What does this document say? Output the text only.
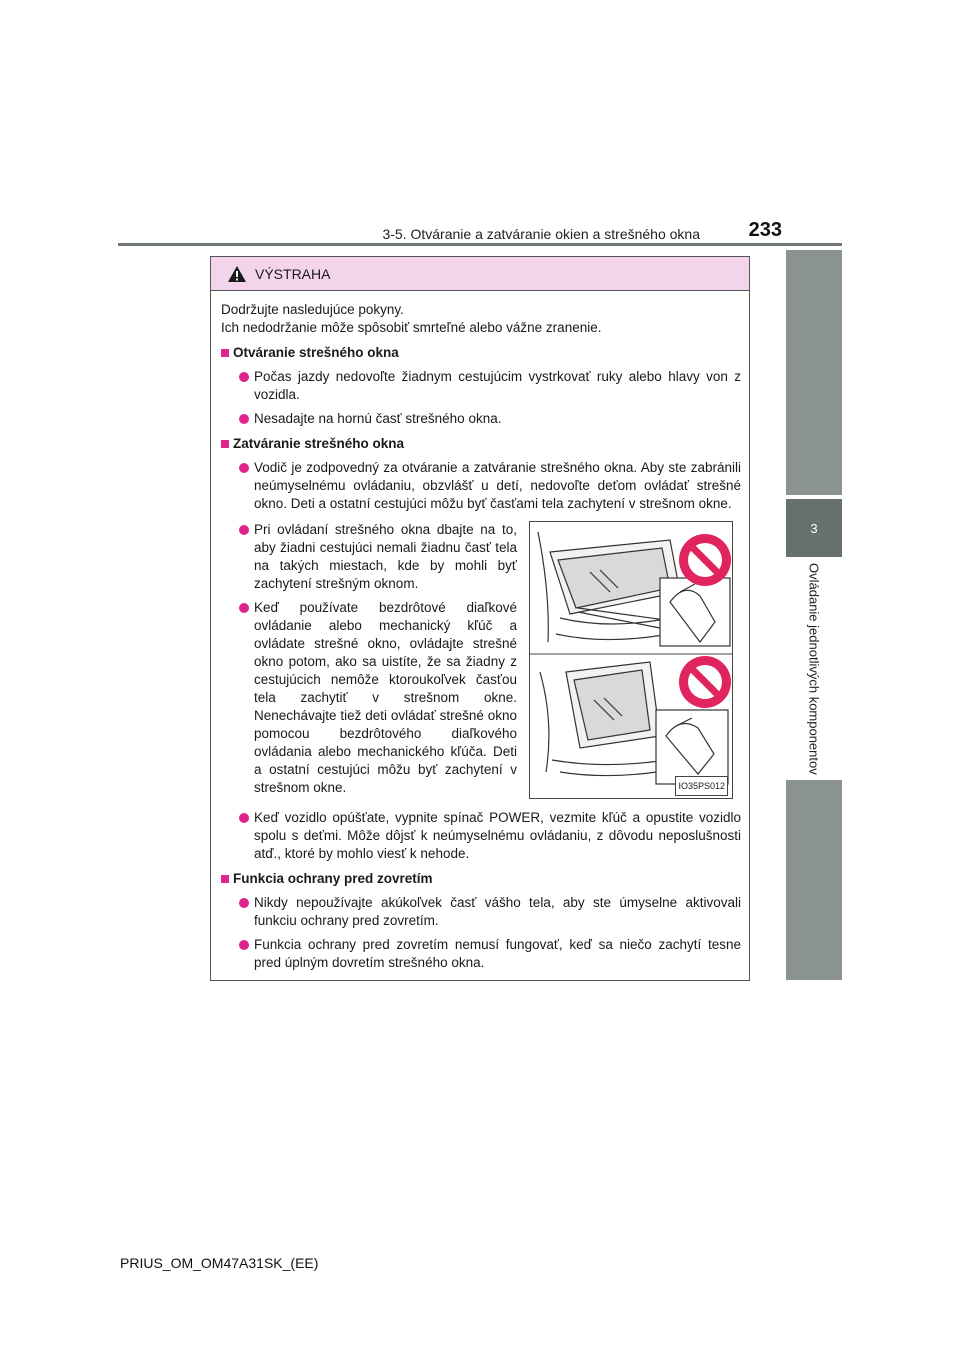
3-5. Otváranie a zatváranie okien a strešného okna	233
3
Ovládanie jednotlivých komponentov
VÝSTRAHA

Dodržujte nasledujúce pokyny.

Ich nedodržanie môže spôsobiť smrteľné alebo vážne zranenie.

Otváranie strešného okna
Počas jazdy nedovoľte žiadnym cestujúcim vystrkovať ruky alebo hlavy von z vozidla.
Nesadajte na hornú časť strešného okna.
Zatváranie strešného okna
Vodič je zodpovedný za otváranie a zatváranie strešného okna. Aby ste zabránili neúmyselnému ovládaniu, obzvlášť u detí, nedovoľte deťom ovládať strešné okno. Deti a ostatní cestujúci môžu byť časťami tela zachytení v strešnom okne.
Pri ovládaní strešného okna dbajte na to, aby žiadni cestujúci nemali žiadnu časť tela na takých miestach, kde by mohli byť zachytení strešným oknom.
Keď používate bezdrôtové diaľkové ovládanie alebo mechanický kľúč a ovládate strešné okno, ovládajte strešné okno potom, ako sa uistíte, že sa žiadny z cestujúcich nemôže ktoroukoľvek časťou tela zachytiť v strešnom okne. Nenechávajte tiež deti ovládať strešné okno pomocou bezdrôtového diaľkového ovládania alebo mechanického kľúča. Deti a ostatní cestujúci môžu byť zachytení v strešnom okne.	IO35PS012
Keď vozidlo opúšťate, vypnite spínač POWER, vezmite kľúč a opustite vozidlo spolu s deťmi. Môže dôjsť k neúmyselnému ovládaniu, z dôvodu neposlušnosti atď., ktoré by mohlo viesť k nehode.
Funkcia ochrany pred zovretím
Nikdy nepoužívajte akúkoľvek časť vášho tela, aby ste úmyselne aktivovali funkciu ochrany pred zovretím.
Funkcia ochrany pred zovretím nemusí fungovať, keď sa niečo zachytí tesne pred úplným dovretím strešného okna.
PRIUS_OM_OM47A31SK_(EE)
